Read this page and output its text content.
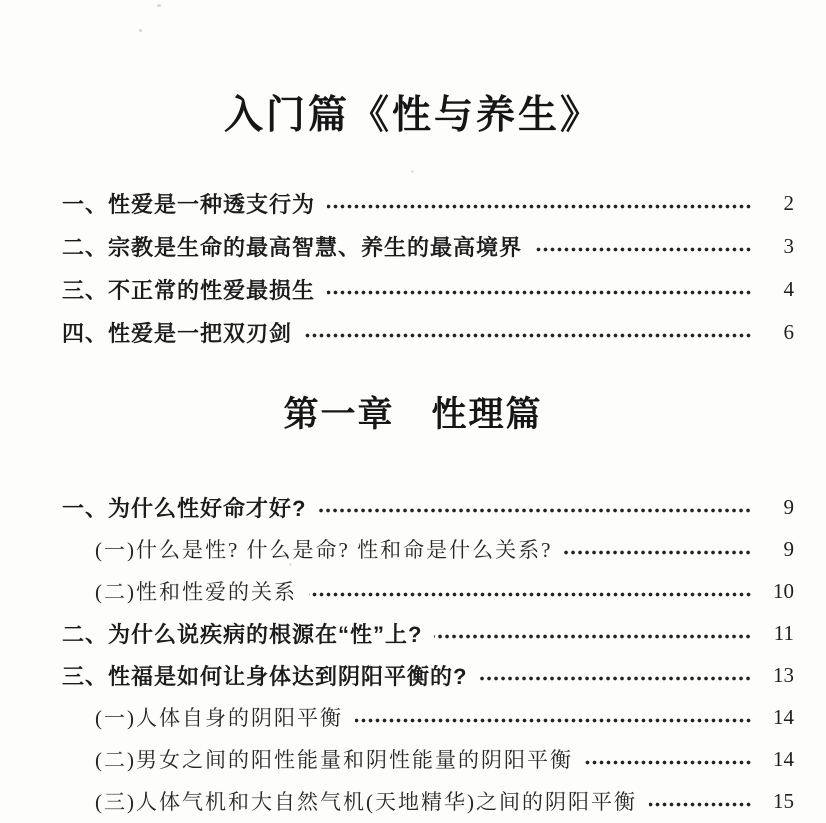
入门篇《性与养生》
一、性爱是一种透支行为	2
二、宗教是生命的最高智慧、养生的最高境界	3
三、不正常的性爱最损生	4
四、性爱是一把双刃剑	6
第一章　性理篇
一、为什么性好命才好?	9
(一)什么是性? 什么是命? 性和命是什么关系?	9
(二)性和性爱的关系	10
二、为什么说疾病的根源在“性”上?	11
三、性福是如何让身体达到阴阳平衡的?	13
(一)人体自身的阴阳平衡	14
(二)男女之间的阳性能量和阴性能量的阴阳平衡	14
(三)人体气机和大自然气机(天地精华)之间的阴阳平衡	15
